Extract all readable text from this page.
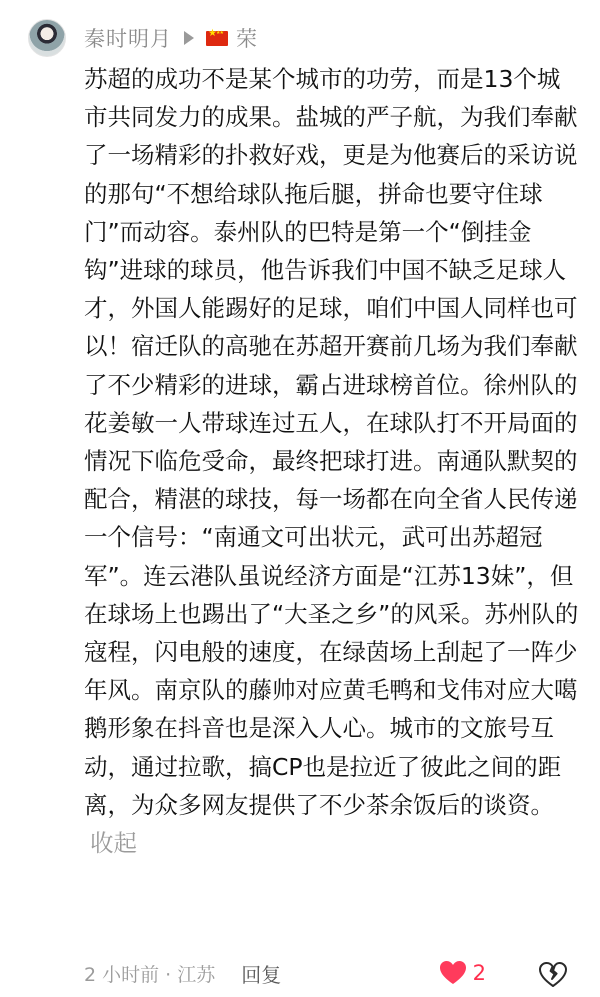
秦时明月
★ ★★	荣

苏超的成功不是某个城市的功劳，而是13个城市共同发力的成果。盐城的严子航，为我们奉献了一场精彩的扑救好戏，更是为他赛后的采访说的那句“不想给球队拖后腿，拼命也要守住球门”而动容。泰州队的巴特是第一个“倒挂金钩”进球的球员，他告诉我们中国不缺乏足球人才，外国人能踢好的足球，咱们中国人同样也可以！宿迁队的高驰在苏超开赛前几场为我们奉献了不少精彩的进球，霸占进球榜首位。徐州队的花姜敏一人带球连过五人，在球队打不开局面的情况下临危受命，最终把球打进。南通队默契的配合，精湛的球技，每一场都在向全省人民传递一个信号：“南通文可出状元，武可出苏超冠军”。连云港队虽说经济方面是“江苏13妹”，但在球场上也踢出了“大圣之乡”的风采。苏州队的寇程，闪电般的速度，在绿茵场上刮起了一阵少年风。南京队的藤帅对应黄毛鸭和戈伟对应大噶鹅形象在抖音也是深入人心。城市的文旅号互动，通过拉歌，搞CP也是拉近了彼此之间的距离，为众多网友提供了不少茶余饭后的谈资。收起

2 小时前 · 江苏 回复	2
